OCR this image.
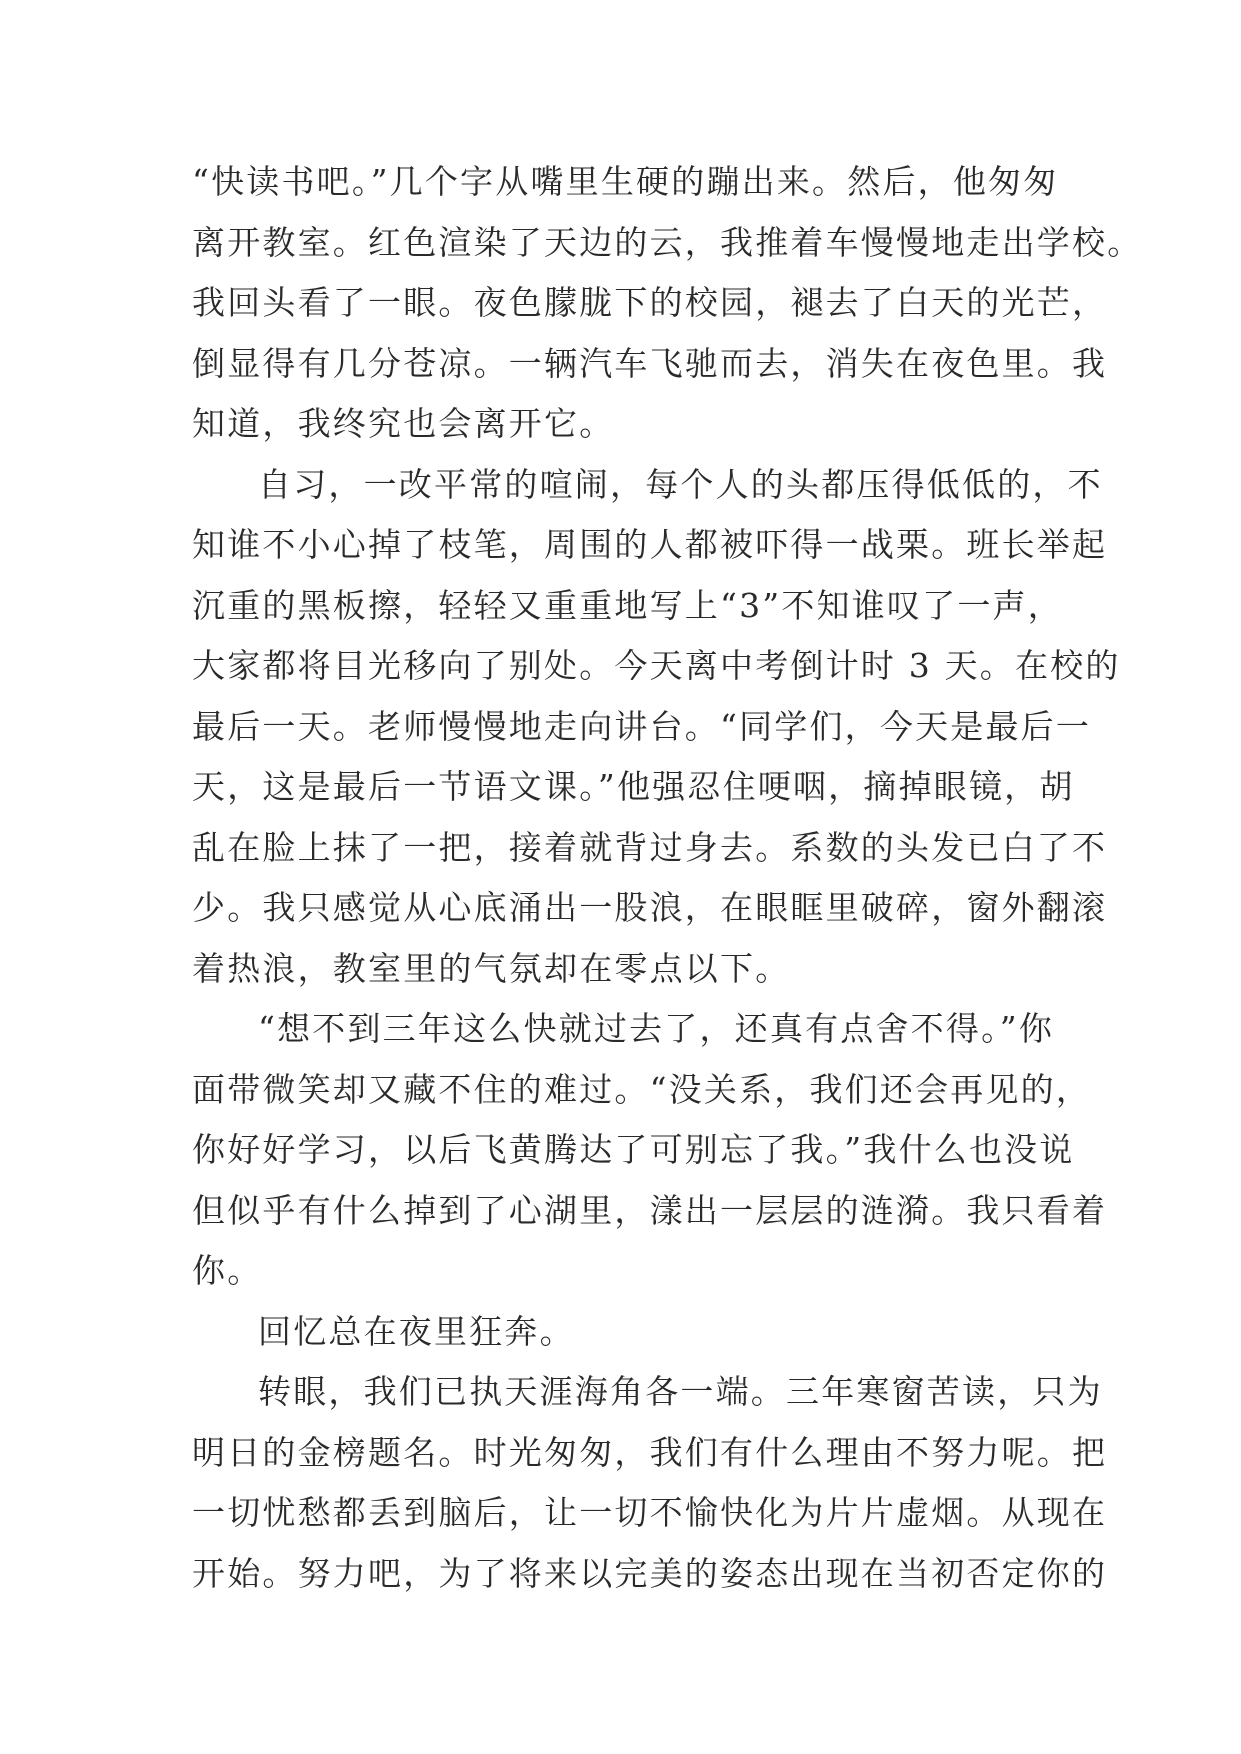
“快读书吧。”几个字从嘴里生硬的蹦出来。然后，他匆匆
离开教室。红色渲染了天边的云，我推着车慢慢地走出学校。
我回头看了一眼。夜色朦胧下的校园，褪去了白天的光芒，
倒显得有几分苍凉。一辆汽车飞驰而去，消失在夜色里。我
知道，我终究也会离开它。
自习，一改平常的喧闹，每个人的头都压得低低的，不
知谁不小心掉了枝笔，周围的人都被吓得一战栗。班长举起
沉重的黑板擦，轻轻又重重地写上“3”不知谁叹了一声，
大家都将目光移向了别处。今天离中考倒计时 3 天。在校的
最后一天。老师慢慢地走向讲台。“同学们，今天是最后一
天，这是最后一节语文课。”他强忍住哽咽，摘掉眼镜，胡
乱在脸上抹了一把，接着就背过身去。系数的头发已白了不
少。我只感觉从心底涌出一股浪，在眼眶里破碎，窗外翻滚
着热浪，教室里的气氛却在零点以下。
“想不到三年这么快就过去了，还真有点舍不得。”你
面带微笑却又藏不住的难过。“没关系，我们还会再见的，
你好好学习，以后飞黄腾达了可别忘了我。”我什么也没说
但似乎有什么掉到了心湖里，漾出一层层的涟漪。我只看着
你。
回忆总在夜里狂奔。
转眼，我们已执天涯海角各一端。三年寒窗苦读，只为
明日的金榜题名。时光匆匆，我们有什么理由不努力呢。把
一切忧愁都丢到脑后，让一切不愉快化为片片虚烟。从现在
开始。努力吧，为了将来以完美的姿态出现在当初否定你的
